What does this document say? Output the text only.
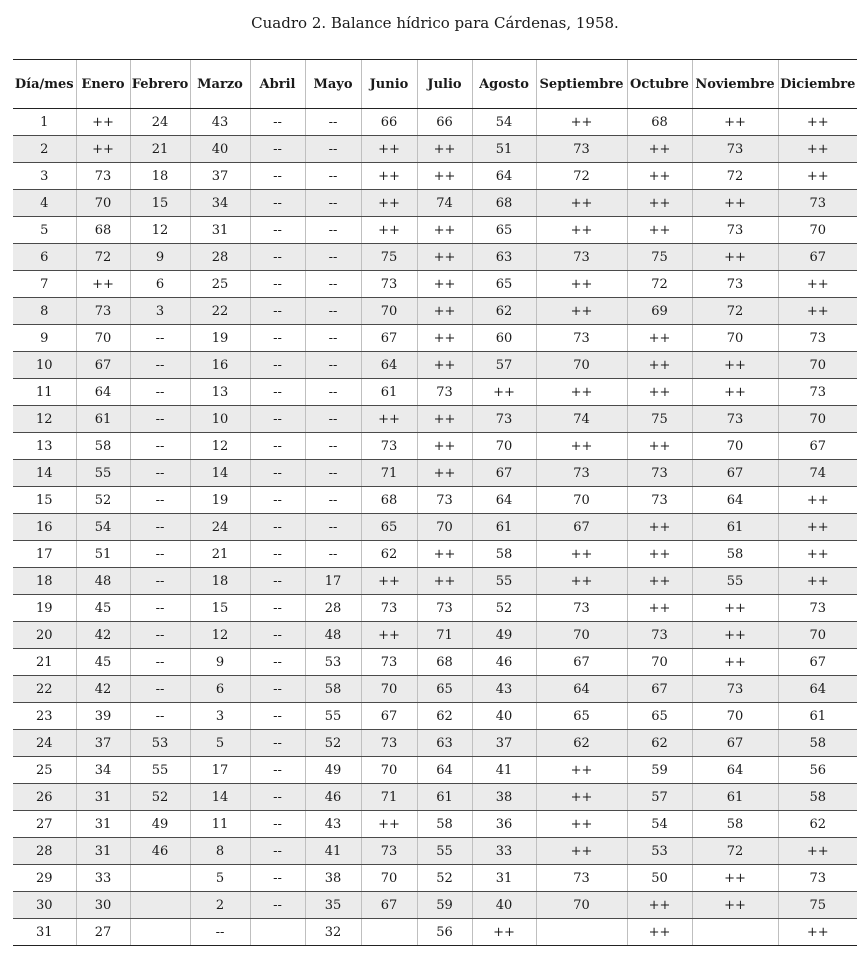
Cuadro 2. Balance hídrico para Cárdenas, 1958.
Día/mes	Enero	Febrero	Marzo	Abril	Mayo	Junio	Julio	Agosto	Septiembre	Octubre	Noviembre	Diciembre
1	++	24	43	--	--	66	66	54	++	68	++	++
2	++	21	40	--	--	++	++	51	73	++	73	++
3	73	18	37	--	--	++	++	64	72	++	72	++
4	70	15	34	--	--	++	74	68	++	++	++	73
5	68	12	31	--	--	++	++	65	++	++	73	70
6	72	9	28	--	--	75	++	63	73	75	++	67
7	++	6	25	--	--	73	++	65	++	72	73	++
8	73	3	22	--	--	70	++	62	++	69	72	++
9	70	--	19	--	--	67	++	60	73	++	70	73
10	67	--	16	--	--	64	++	57	70	++	++	70
11	64	--	13	--	--	61	73	++	++	++	++	73
12	61	--	10	--	--	++	++	73	74	75	73	70
13	58	--	12	--	--	73	++	70	++	++	70	67
14	55	--	14	--	--	71	++	67	73	73	67	74
15	52	--	19	--	--	68	73	64	70	73	64	++
16	54	--	24	--	--	65	70	61	67	++	61	++
17	51	--	21	--	--	62	++	58	++	++	58	++
18	48	--	18	--	17	++	++	55	++	++	55	++
19	45	--	15	--	28	73	73	52	73	++	++	73
20	42	--	12	--	48	++	71	49	70	73	++	70
21	45	--	9	--	53	73	68	46	67	70	++	67
22	42	--	6	--	58	70	65	43	64	67	73	64
23	39	--	3	--	55	67	62	40	65	65	70	61
24	37	53	5	--	52	73	63	37	62	62	67	58
25	34	55	17	--	49	70	64	41	++	59	64	56
26	31	52	14	--	46	71	61	38	++	57	61	58
27	31	49	11	--	43	++	58	36	++	54	58	62
28	31	46	8	--	41	73	55	33	++	53	72	++
29	33		5	--	38	70	52	31	73	50	++	73
30	30		2	--	35	67	59	40	70	++	++	75
31	27		--		32		56	++		++		++
